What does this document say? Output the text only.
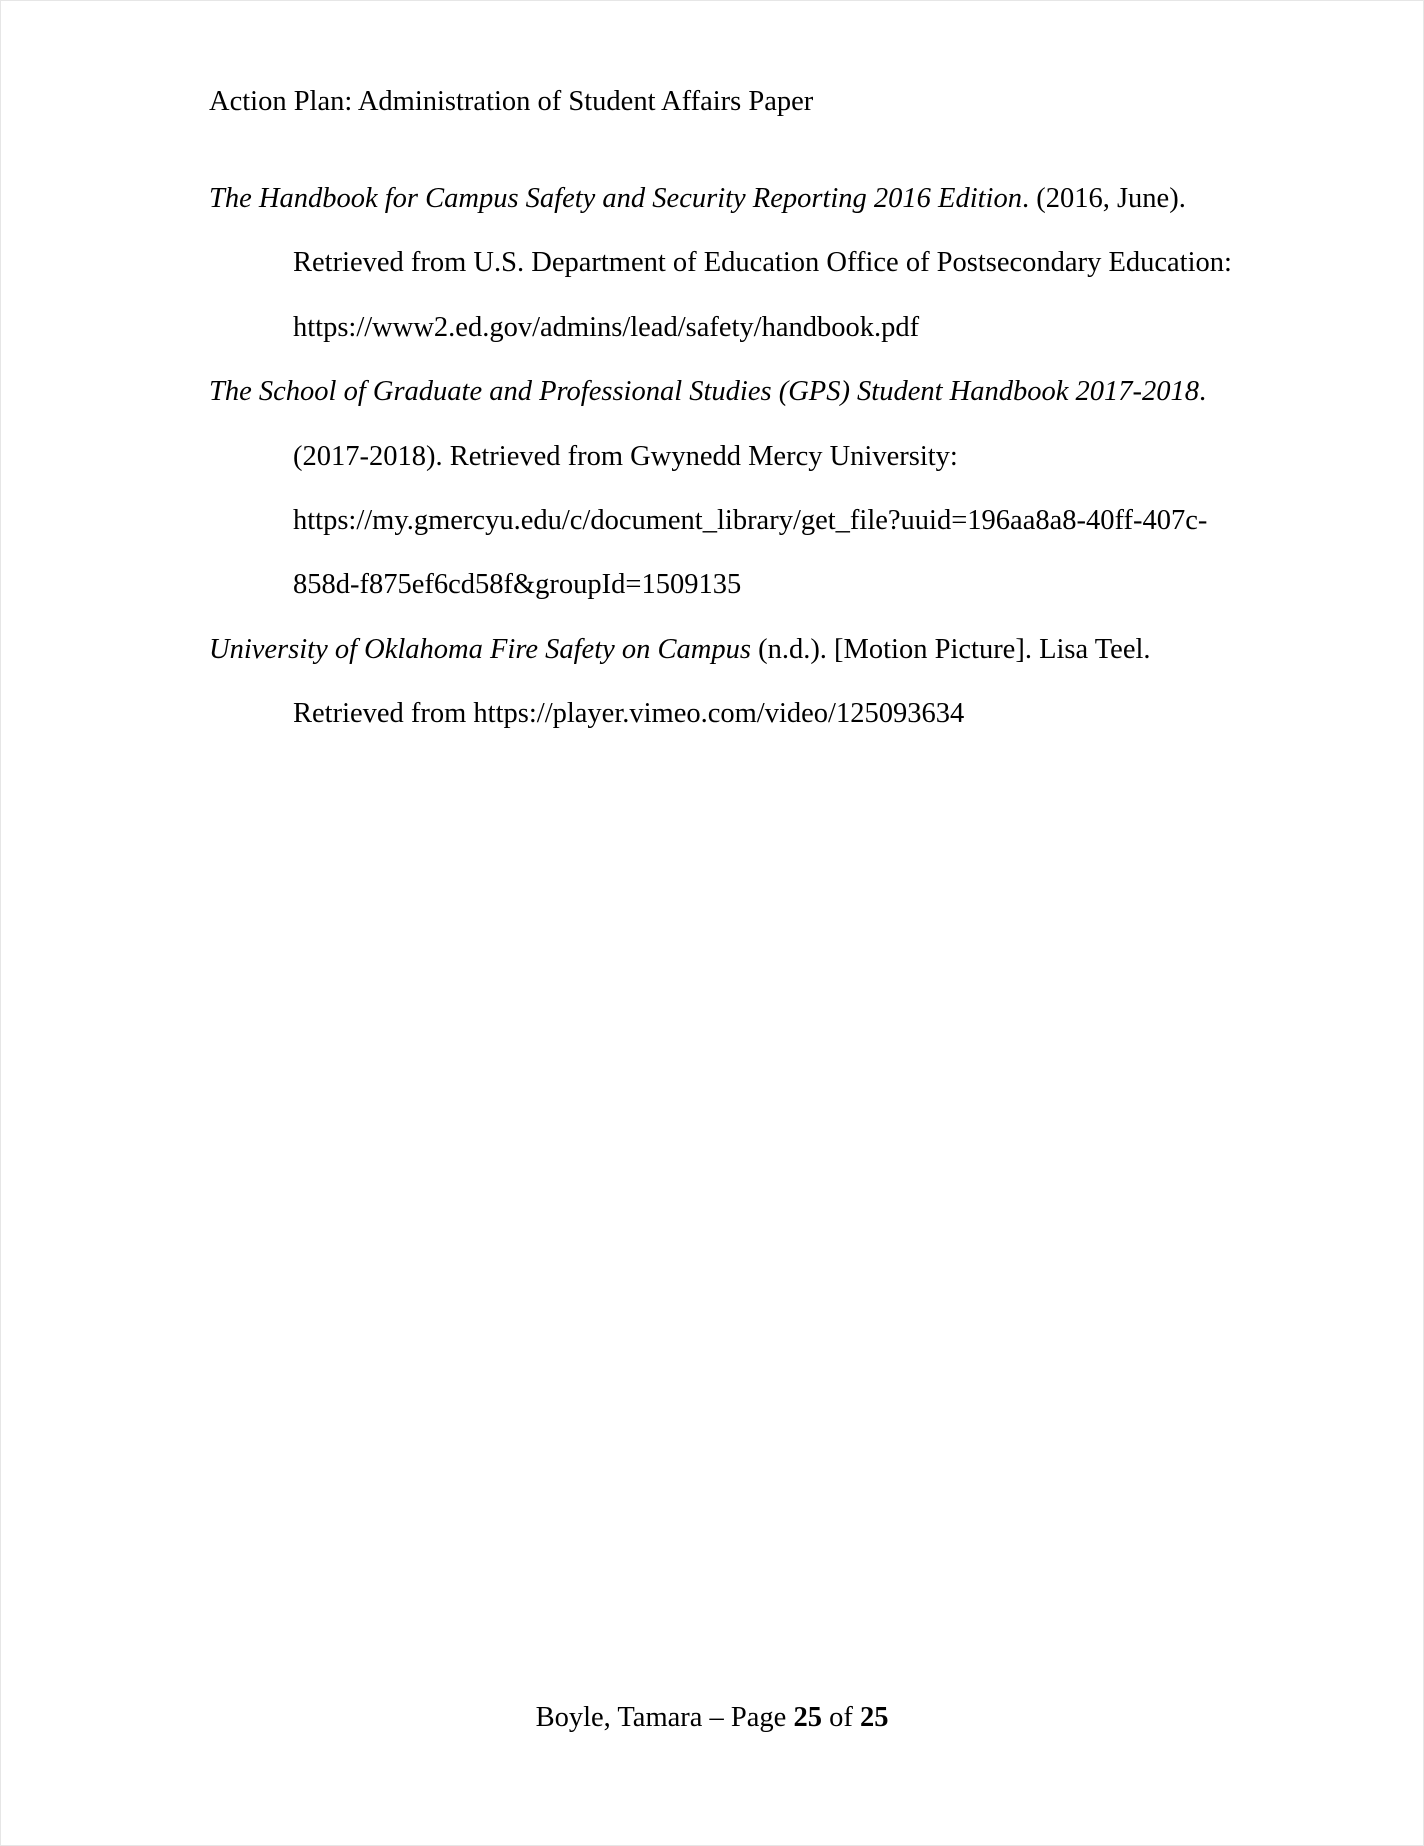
Action Plan: Administration of Student Affairs Paper
The Handbook for Campus Safety and Security Reporting 2016 Edition. (2016, June).
Retrieved from U.S. Department of Education Office of Postsecondary Education:
https://www2.ed.gov/admins/lead/safety/handbook.pdf
The School of Graduate and Professional Studies (GPS) Student Handbook 2017-2018.
(2017-2018). Retrieved from Gwynedd Mercy University:
https://my.gmercyu.edu/c/document_library/get_file?uuid=196aa8a8-40ff-407c-
858d-f875ef6cd58f&groupId=1509135
University of Oklahoma Fire Safety on Campus (n.d.). [Motion Picture]. Lisa Teel.
Retrieved from https://player.vimeo.com/video/125093634
Boyle, Tamara – Page 25 of 25
